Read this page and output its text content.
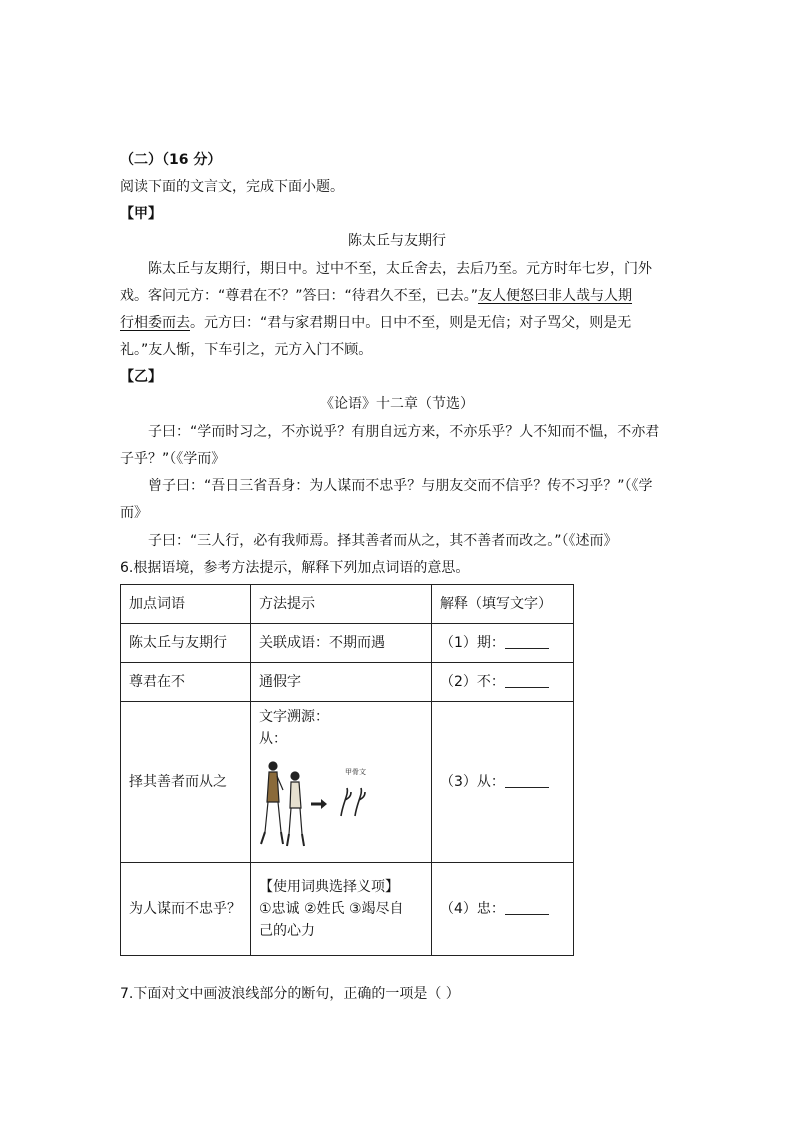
（二）（16 分）
阅读下面的文言文，完成下面小题。
【甲】
陈太丘与友期行
陈太丘与友期行，期日中。过中不至，太丘舍去，去后乃至。元方时年七岁，门外
戏。客问元方：“尊君在不？”答曰：“待君久不至，已去。”友人便怒曰非人哉与人期
行相委而去。元方曰：“君与家君期日中。日中不至，则是无信；对子骂父，则是无
礼。”友人惭，下车引之，元方入门不顾。
【乙】
《论语》十二章（节选）
子曰：“学而时习之，不亦说乎？有朋自远方来，不亦乐乎？人不知而不愠，不亦君
子乎？”（《学而》
曾子曰：“吾日三省吾身：为人谋而不忠乎？与朋友交而不信乎？传不习乎？”（《学
而》
子曰：“三人行，必有我师焉。择其善者而从之，其不善者而改之。”（《述而》
6.根据语境，参考方法提示，解释下列加点词语的意思。
加点词语	方法提示	解释（填写文字）
陈太丘与友期行	关联成语：不期而遇	（1）期：
尊君在不	通假字	（2）不：
择其善者而从之	文字溯源：
从：
甲骨文	（3）从：
为人谋而不忠乎？	【使用词典选择义项】
①忠诚 ②姓氏 ③竭尽自
己的心力	（4）忠：
7.下面对文中画波浪线部分的断句，正确的一项是（ ）
